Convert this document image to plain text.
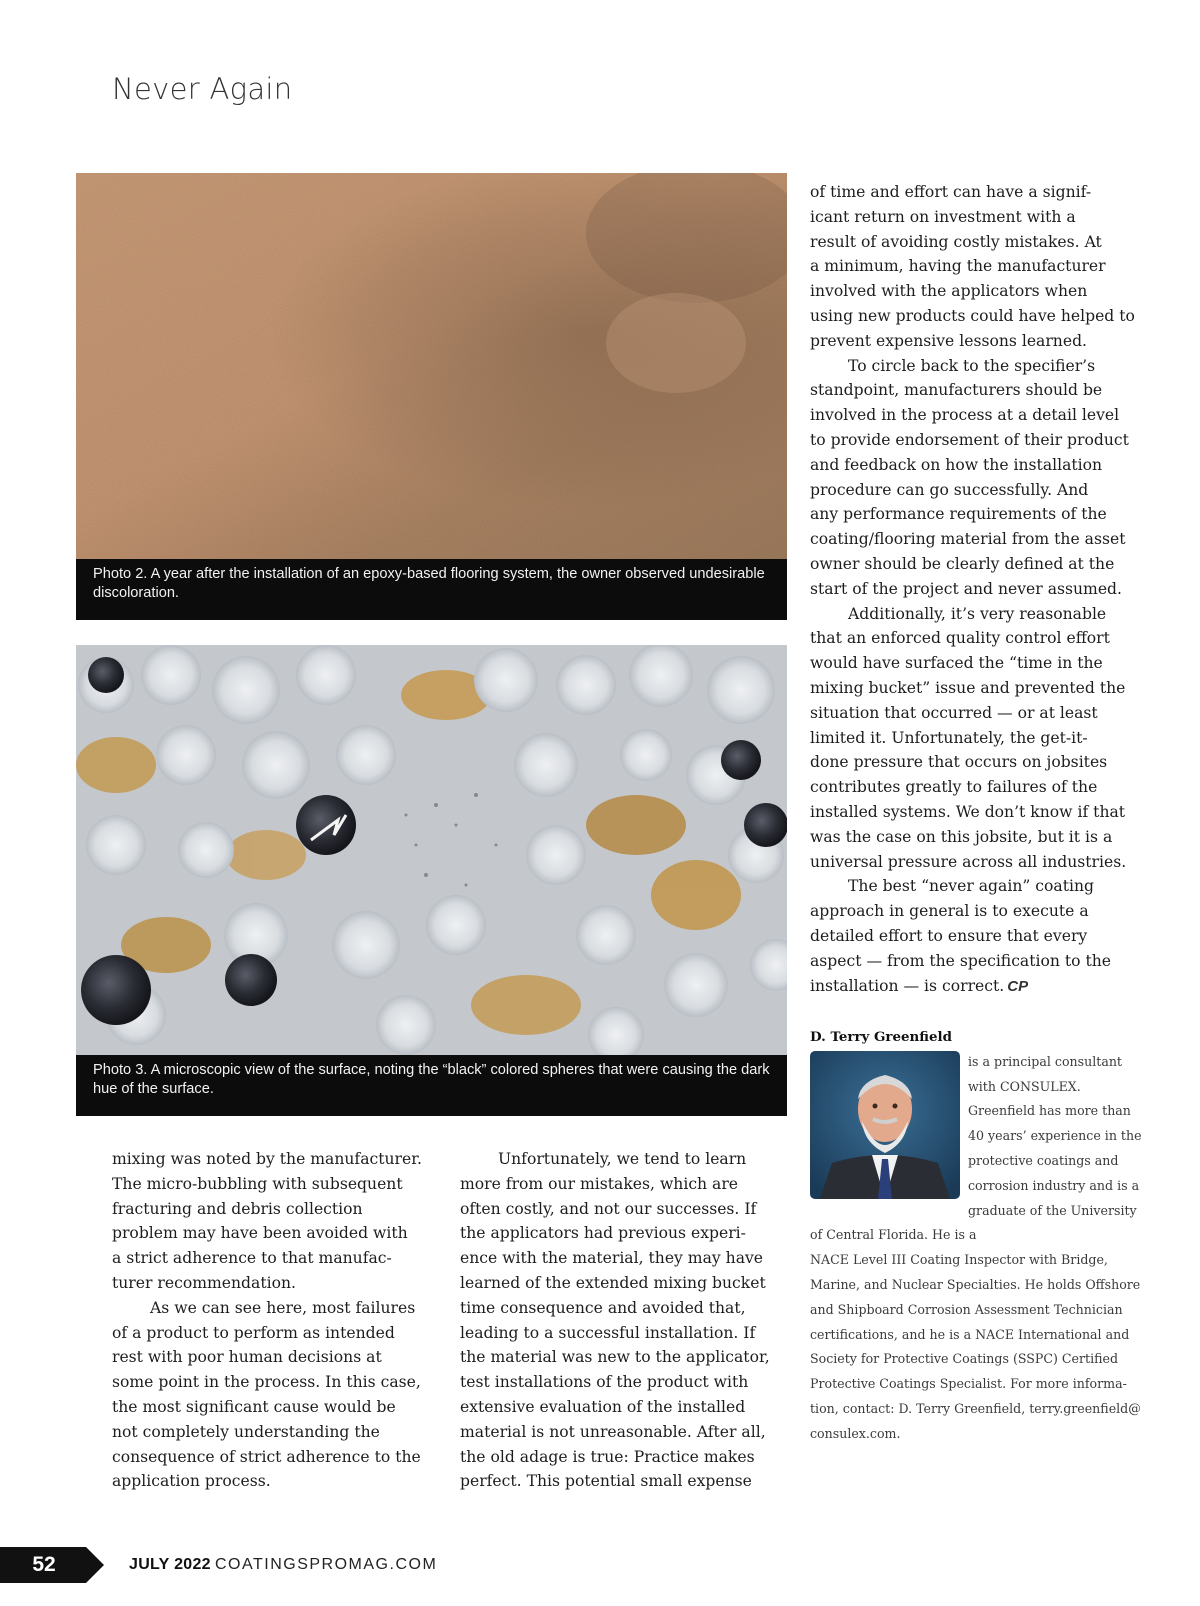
Never Again
Photo 2. A year after the installation of an epoxy-based flooring system, the owner observed undesirable discoloration.
Photo 3. A microscopic view of the surface, noting the “black” colored spheres that were causing the dark hue of the surface.

of time and effort can have a signif-
icant return on investment with a
result of avoiding costly mistakes. At
a minimum, having the manufacturer
involved with the applicators when
using new products could have helped to
prevent expensive lessons learned.

To circle back to the specifier’s
standpoint, manufacturers should be
involved in the process at a detail level
to provide endorsement of their product
and feedback on how the installation
procedure can go successfully. And
any performance requirements of the
coating/flooring material from the asset
owner should be clearly defined at the
start of the project and never assumed.

Additionally, it’s very reasonable
that an enforced quality control effort
would have surfaced the “time in the
mixing bucket” issue and prevented the
situation that occurred — or at least
limited it. Unfortunately, the get-it-
done pressure that occurs on jobsites
contributes greatly to failures of the
installed systems. We don’t know if that
was the case on this jobsite, but it is a
universal pressure across all industries.

The best “never again” coating
approach in general is to execute a
detailed effort to ensure that every
aspect — from the specification to the
installation — is correct. CP

D. Terry Greenfield
is a principal consultant
with CONSULEX.
Greenfield has more than
40 years’ experience in the
protective coatings and
corrosion industry and is a
graduate of the University
of Central Florida. He is a
NACE Level III Coating Inspector with Bridge,
Marine, and Nuclear Specialties. He holds Offshore
and Shipboard Corrosion Assessment Technician
certifications, and he is a NACE International and
Society for Protective Coatings (SSPC) Certified
Protective Coatings Specialist. For more informa-
tion, contact: D. Terry Greenfield, terry.greenfield@
consulex.com.

mixing was noted by the manufacturer.
The micro-bubbling with subsequent
fracturing and debris collection
problem may have been avoided with
a strict adherence to that manufac-
turer recommendation.

As we can see here, most failures
of a product to perform as intended
rest with poor human decisions at
some point in the process. In this case,
the most significant cause would be
not completely understanding the
consequence of strict adherence to the
application process.

Unfortunately, we tend to learn
more from our mistakes, which are
often costly, and not our successes. If
the applicators had previous experi-
ence with the material, they may have
learned of the extended mixing bucket
time consequence and avoided that,
leading to a successful installation. If
the material was new to the applicator,
test installations of the product with
extensive evaluation of the installed
material is not unreasonable. After all,
the old adage is true: Practice makes
perfect. This potential small expense

52	JULY 2022 COATINGSPROMAG.COM
